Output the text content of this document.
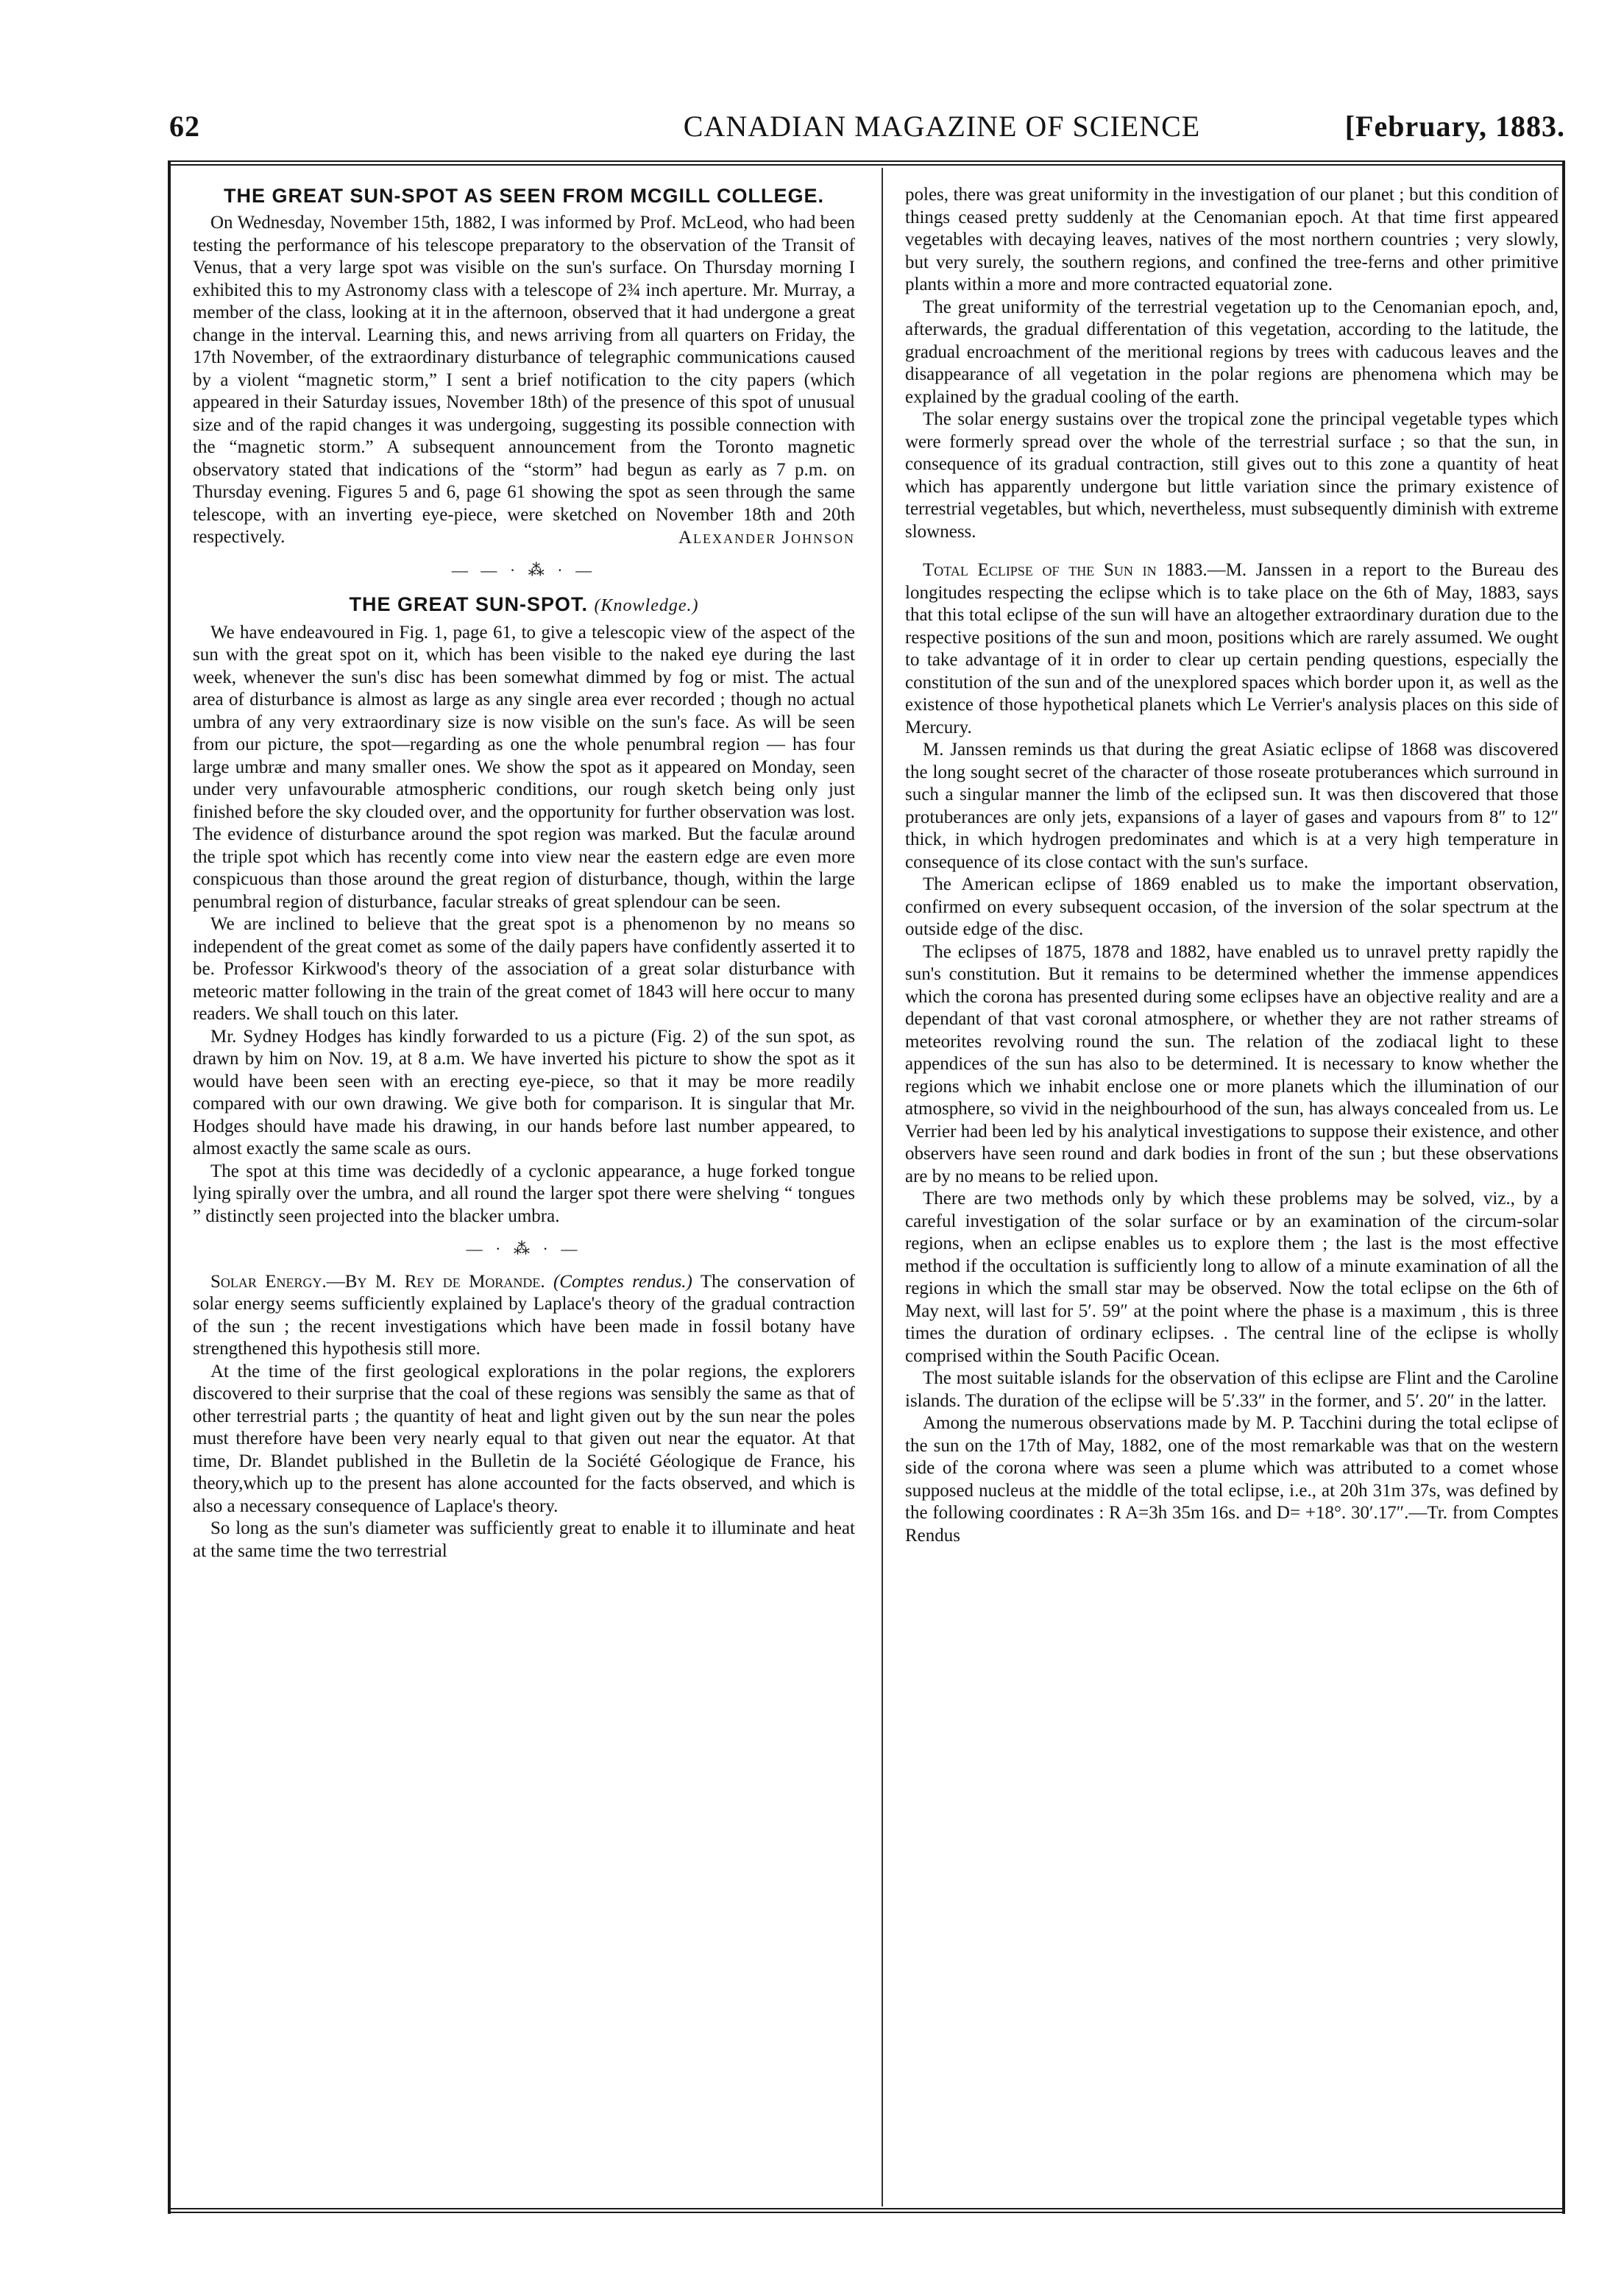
62	CANADIAN MAGAZINE OF SCIENCE	[February, 1883.
THE GREAT SUN-SPOT AS SEEN FROM MCGILL COLLEGE.

On Wednesday, November 15th, 1882, I was informed by Prof. McLeod, who had been testing the performance of his telescope preparatory to the observation of the Transit of Venus, that a very large spot was visible on the sun's surface. On Thursday morning I exhibited this to my Astronomy class with a telescope of 2¾ inch aperture. Mr. Murray, a member of the class, looking at it in the afternoon, observed that it had undergone a great change in the interval. Learning this, and news arriving from all quarters on Friday, the 17th November, of the extraordinary disturbance of telegraphic communications caused by a violent “magnetic storm,” I sent a brief notification to the city papers (which appeared in their Saturday issues, November 18th) of the presence of this spot of unusual size and of the rapid changes it was undergoing, suggesting its possible connection with the “magnetic storm.” A subsequent announcement from the Toronto magnetic observatory stated that indications of the “storm” had begun as early as 7 p.m. on Thursday evening. Figures 5 and 6, page 61 showing the spot as seen through the same telescope, with an inverting eye-piece, were sketched on November 18th and 20th respectively.	Alexander Johnson
— — · ⁂ · —
THE GREAT SUN-SPOT. (Knowledge.)

We have endeavoured in Fig. 1, page 61, to give a telescopic view of the aspect of the sun with the great spot on it, which has been visible to the naked eye during the last week, whenever the sun's disc has been somewhat dimmed by fog or mist. The actual area of disturbance is almost as large as any single area ever recorded ; though no actual umbra of any very extraordinary size is now visible on the sun's face. As will be seen from our picture, the spot—regarding as one the whole penumbral region — has four large umbræ and many smaller ones. We show the spot as it appeared on Monday, seen under very unfavourable atmospheric conditions, our rough sketch being only just finished before the sky clouded over, and the opportunity for further observation was lost. The evidence of disturbance around the spot region was marked. But the faculæ around the triple spot which has recently come into view near the eastern edge are even more conspicuous than those around the great region of disturbance, though, within the large penumbral region of disturbance, facular streaks of great splendour can be seen.

We are inclined to believe that the great spot is a phenomenon by no means so independent of the great comet as some of the daily papers have confidently asserted it to be. Professor Kirkwood's theory of the association of a great solar disturbance with meteoric matter following in the train of the great comet of 1843 will here occur to many readers. We shall touch on this later.

Mr. Sydney Hodges has kindly forwarded to us a picture (Fig. 2) of the sun spot, as drawn by him on Nov. 19, at 8 a.m. We have inverted his picture to show the spot as it would have been seen with an erecting eye-piece, so that it may be more readily compared with our own drawing. We give both for comparison. It is singular that Mr. Hodges should have made his drawing, in our hands before last number appeared, to almost exactly the same scale as ours.

The spot at this time was decidedly of a cyclonic appearance, a huge forked tongue lying spirally over the umbra, and all round the larger spot there were shelving “ tongues ” distinctly seen projected into the blacker umbra.

— · ⁂ · —

Solar Energy.—By M. Rey de Morande. (Comptes rendus.) The conservation of solar energy seems sufficiently explained by Laplace's theory of the gradual contraction of the sun ; the recent investigations which have been made in fossil botany have strengthened this hypothesis still more.

At the time of the first geological explorations in the polar regions, the explorers discovered to their surprise that the coal of these regions was sensibly the same as that of other terrestrial parts ; the quantity of heat and light given out by the sun near the poles must therefore have been very nearly equal to that given out near the equator. At that time, Dr. Blandet published in the Bulletin de la Société Géologique de France, his theory,which up to the present has alone accounted for the facts observed, and which is also a necessary consequence of Laplace's theory.

So long as the sun's diameter was sufficiently great to enable it to illuminate and heat at the same time the two terrestrial

poles, there was great uniformity in the investigation of our planet ; but this condition of things ceased pretty suddenly at the Cenomanian epoch. At that time first appeared vegetables with decaying leaves, natives of the most northern countries ; very slowly, but very surely, the southern regions, and confined the tree-ferns and other primitive plants within a more and more contracted equatorial zone.

The great uniformity of the terrestrial vegetation up to the Cenomanian epoch, and, afterwards, the gradual differentation of this vegetation, according to the latitude, the gradual encroachment of the meritional regions by trees with caducous leaves and the disappearance of all vegetation in the polar regions are phenomena which may be explained by the gradual cooling of the earth.

The solar energy sustains over the tropical zone the principal vegetable types which were formerly spread over the whole of the terrestrial surface ; so that the sun, in consequence of its gradual contraction, still gives out to this zone a quantity of heat which has apparently undergone but little variation since the primary existence of terrestrial vegetables, but which, nevertheless, must subsequently diminish with extreme slowness.

Total Eclipse of the Sun in 1883.—M. Janssen in a report to the Bureau des longitudes respecting the eclipse which is to take place on the 6th of May, 1883, says that this total eclipse of the sun will have an altogether extraordinary duration due to the respective positions of the sun and moon, positions which are rarely assumed. We ought to take advantage of it in order to clear up certain pending questions, especially the constitution of the sun and of the unexplored spaces which border upon it, as well as the existence of those hypothetical planets which Le Verrier's analysis places on this side of Mercury.

M. Janssen reminds us that during the great Asiatic eclipse of 1868 was discovered the long sought secret of the character of those roseate protuberances which surround in such a singular manner the limb of the eclipsed sun. It was then discovered that those protuberances are only jets, expansions of a layer of gases and vapours from 8″ to 12″ thick, in which hydrogen predominates and which is at a very high temperature in consequence of its close contact with the sun's surface.

The American eclipse of 1869 enabled us to make the important observation, confirmed on every subsequent occasion, of the inversion of the solar spectrum at the outside edge of the disc.

The eclipses of 1875, 1878 and 1882, have enabled us to unravel pretty rapidly the sun's constitution. But it remains to be determined whether the immense appendices which the corona has presented during some eclipses have an objective reality and are a dependant of that vast coronal atmosphere, or whether they are not rather streams of meteorites revolving round the sun. The relation of the zodiacal light to these appendices of the sun has also to be determined. It is necessary to know whether the regions which we inhabit enclose one or more planets which the illumination of our atmosphere, so vivid in the neighbourhood of the sun, has always concealed from us. Le Verrier had been led by his analytical investigations to suppose their existence, and other observers have seen round and dark bodies in front of the sun ; but these observations are by no means to be relied upon.

There are two methods only by which these problems may be solved, viz., by a careful investigation of the solar surface or by an examination of the circum-solar regions, when an eclipse enables us to explore them ; the last is the most effective method if the occultation is sufficiently long to allow of a minute examination of all the regions in which the small star may be observed. Now the total eclipse on the 6th of May next, will last for 5′. 59″ at the point where the phase is a maximum , this is three times the duration of ordinary eclipses. . The central line of the eclipse is wholly comprised within the South Pacific Ocean.

The most suitable islands for the observation of this eclipse are Flint and the Caroline islands. The duration of the eclipse will be 5′.33″ in the former, and 5′. 20″ in the latter.

Among the numerous observations made by M. P. Tacchini during the total eclipse of the sun on the 17th of May, 1882, one of the most remarkable was that on the western side of the corona where was seen a plume which was attributed to a comet whose supposed nucleus at the middle of the total eclipse, i.e., at 20h 31m 37s, was defined by the following coordinates : R A=3h 35m 16s. and D= +18°. 30′.17″.—Tr. from Comptes Rendus
